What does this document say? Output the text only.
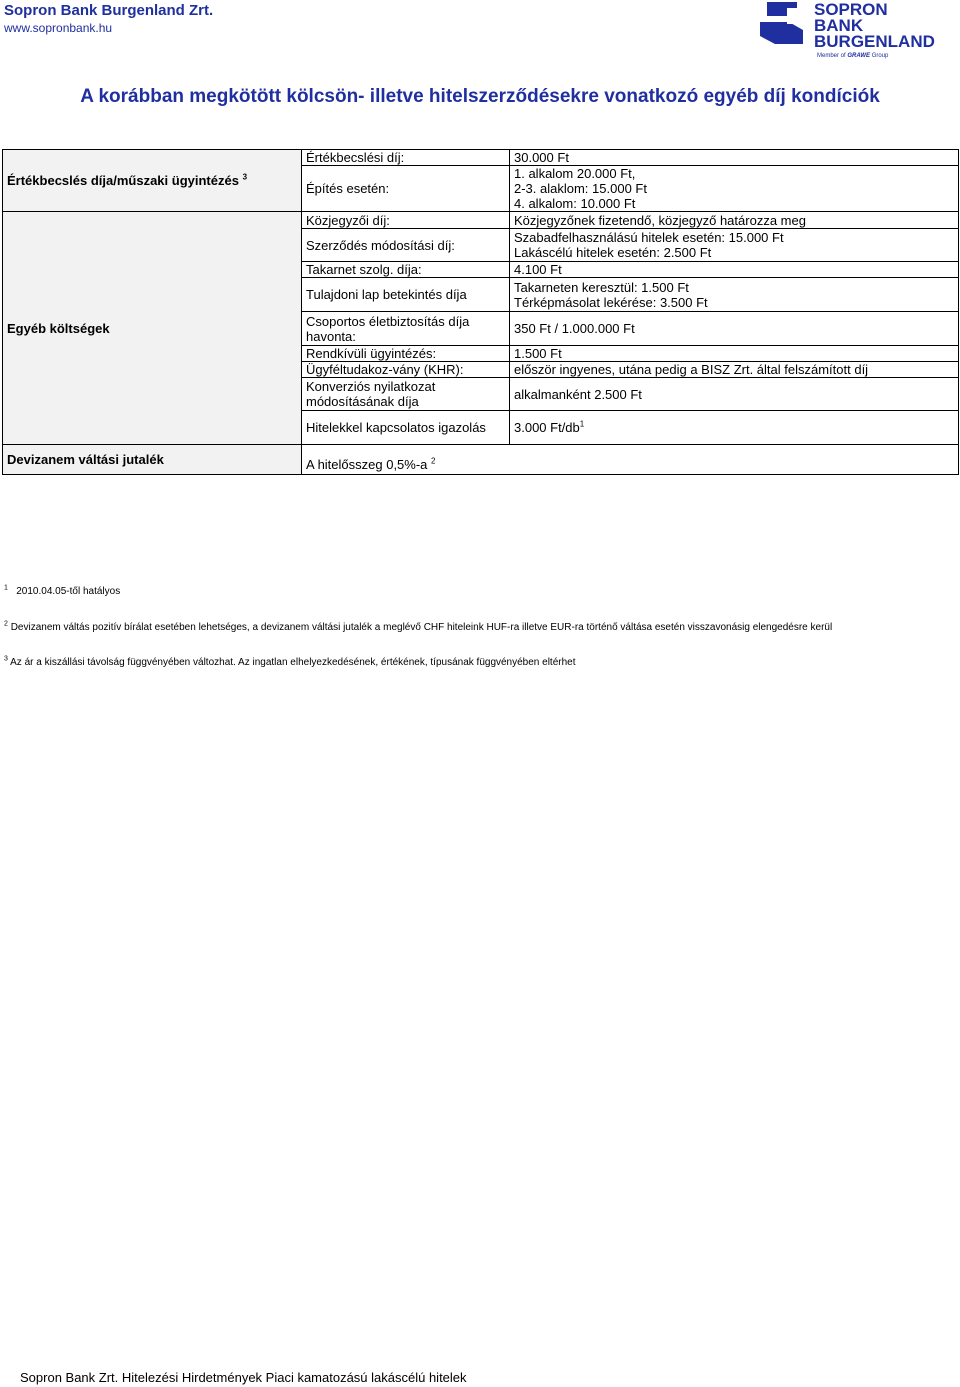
Sopron Bank Burgenland Zrt.
www.sopronbank.hu
SOPRON
BANK
BURGENLAND
Member of GRAWE Group
A korábban megkötött kölcsön- illetve hitelszerződésekre vonatkozó egyéb díj kondíciók
Értékbecslés díja/műszaki ügyintézés $^3$	Értékbecslési díj:	30.000 Ft
	Építés esetén:	1. alkalom 20.000 Ft,
2-3. alaklom: 15.000 Ft
4. alkalom: 10.000 Ft

Egyéb költségek	Közjegyzői díj:	Közjegyzőnek fizetendő, közjegyző határozza meg
	Szerződés módosítási díj:	Szabadfelhasználású hitelek esetén: 15.000 Ft
Lakáscélú hitelek esetén: 2.500 Ft

	Takarnet szolg. díja:	4.100 Ft
	Tulajdoni lap betekintés díja	Takarneten keresztül: 1.500 Ft
Térképmásolat lekérése: 3.500 Ft

	Csoportos életbiztosítás díja
havonta:	350 Ft / 1.000.000 Ft
	Rendkívüli ügyintézés:	1.500 Ft
	Ügyféltudakoz-vány (KHR):	először ingyenes, utána pedig a BISZ Zrt. által felszámított díj

	Konverziós nyilatkozat
módosításának díja	alkalmanként 2.500 Ft
	Hitelekkel kapcsolatos igazolás	3.000 $Ft/db^1$
Devizanem váltási jutalék	A hitelősszeg 0,5%-a $^2$
$^1$ 2010.04.05-től hatályos
$^2$ Devizanem váltás pozitív bírálat esetében lehetséges, a devizanem váltási jutalék a meglévő CHF hiteleink HUF-ra illetve EUR-ra történő váltása esetén visszavonásig elengedésre kerül
$^3$ Az ár a kiszállási távolság függvényében változhat. Az ingatlan elhelyezkedésének, értékének, típusának függvényében eltérhet
Sopron Bank Zrt. Hitelezési Hirdetmények Piaci kamatozású lakáscélú hitelek
